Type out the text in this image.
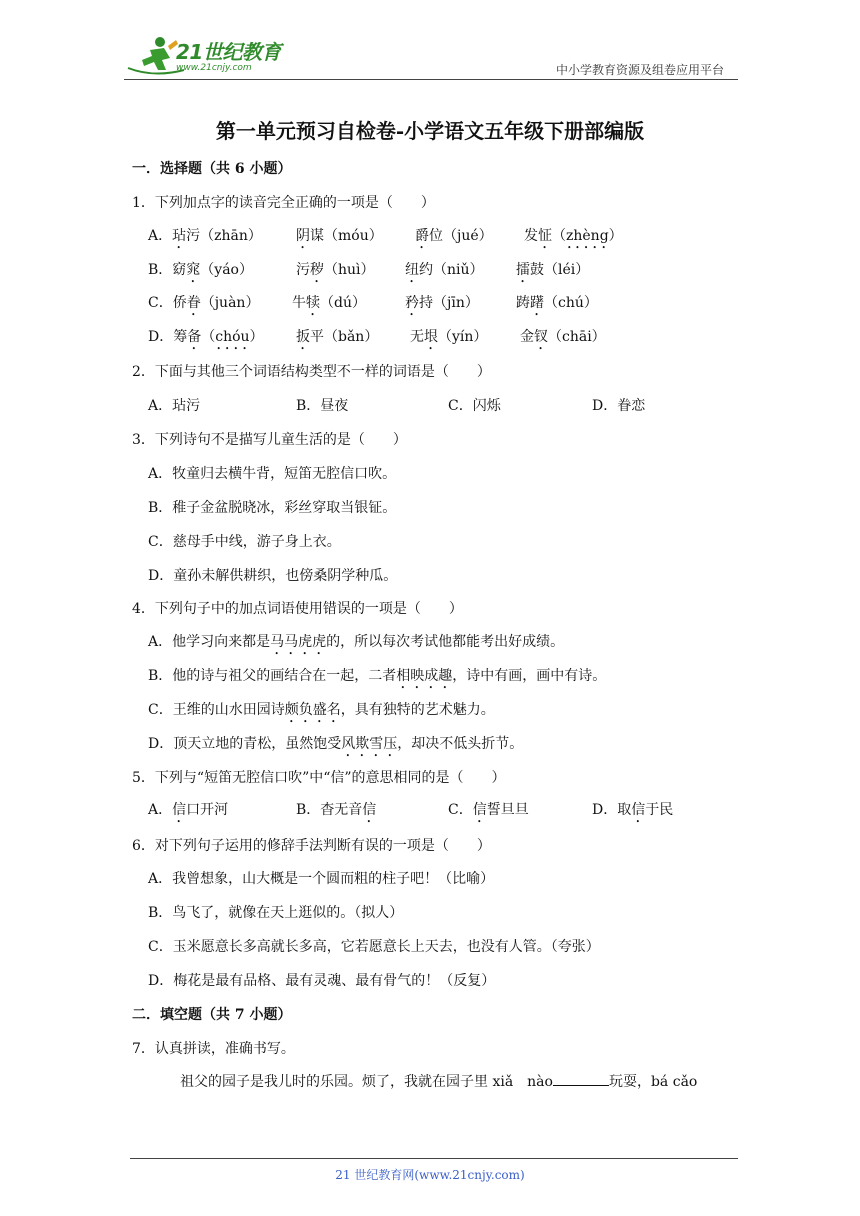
21世纪教育
www.21cnjy.com	中小学教育资源及组卷应用平台
第一单元预习自检卷-小学语文五年级下册部编版
一．选择题（共 6 小题）
1．下列加点字的读音完全正确的一项是（　　）
A．玷污（zhān） 阴谋（móu） 爵位（jué） 发怔（zhèng）
B．窈窕（yáo）	污秽（huì） 纽约（niǔ） 擂鼓（léi）
C．侨眷（juàn） 牛犊（dú）	矜持（jīn）	踌躇（chú）
D．筹备（chóu） 扳平（bǎn） 无垠（yín） 金钗（chāi）
2．下面与其他三个词语结构类型不一样的词语是（　　）
A．玷污	B．昼夜	C．闪烁	D．眷恋
3．下列诗句不是描写儿童生活的是（　　）
A．牧童归去横牛背，短笛无腔信口吹。
B．稚子金盆脱晓冰，彩丝穿取当银钲。
C．慈母手中线，游子身上衣。
D．童孙未解供耕织，也傍桑阴学种瓜。
4．下列句子中的加点词语使用错误的一项是（　　）
A．他学习向来都是马马虎虎的，所以每次考试他都能考出好成绩。
B．他的诗与祖父的画结合在一起，二者相映成趣，诗中有画，画中有诗。
C．王维的山水田园诗颇负盛名，具有独特的艺术魅力。
D．顶天立地的青松，虽然饱受风欺雪压，却决不低头折节。
5．下列与“短笛无腔信口吹”中“信”的意思相同的是（　　）
A．信口开河	B．杳无音信	C．信誓旦旦	D．取信于民
6．对下列句子运用的修辞手法判断有误的一项是（　　）
A．我曾想象，山大概是一个圆而粗的柱子吧！（比喻）
B．鸟飞了，就像在天上逛似的。（拟人）
C．玉米愿意长多高就长多高，它若愿意长上天去，也没有人管。（夸张）
D．梅花是最有品格、最有灵魂、最有骨气的！（反复）
二．填空题（共 7 小题）
7．认真拼读，准确书写。
祖父的园子是我儿时的乐园。烦了，我就在园子里 xiǎ　nào	玩耍，bá cǎo
21 世纪教育网(www.21cnjy.com)
